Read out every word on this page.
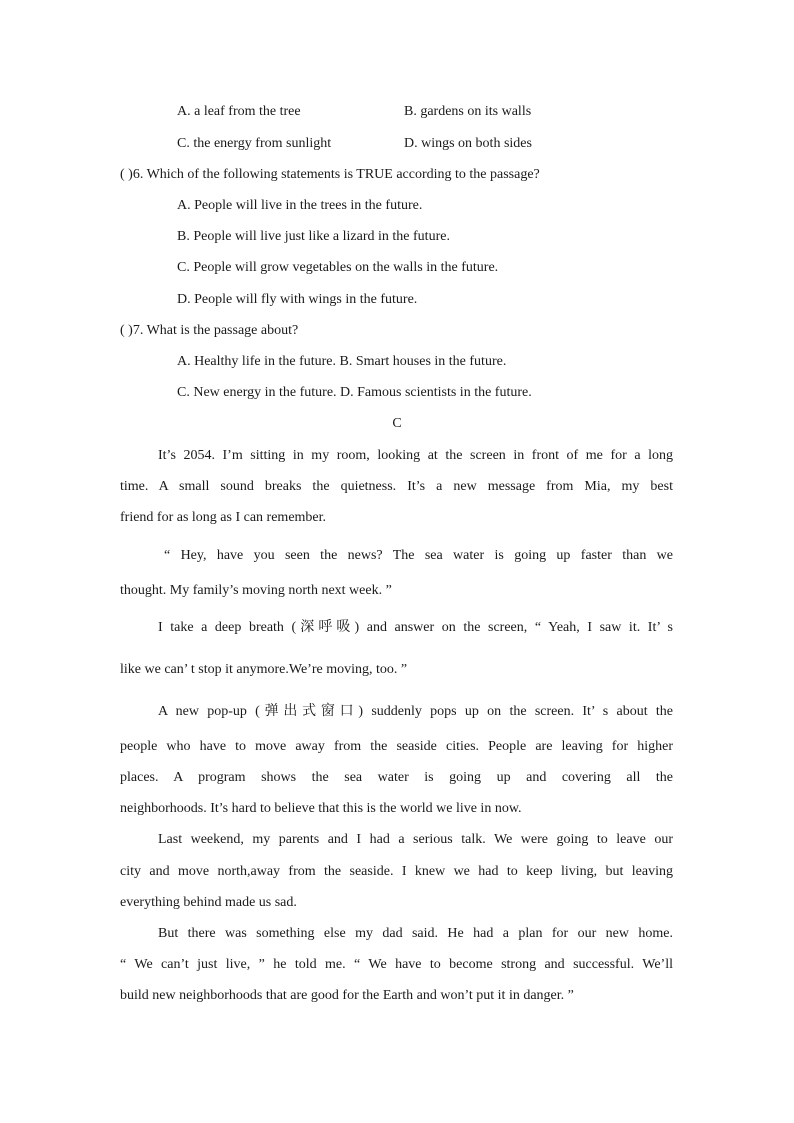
A. a leaf from the tree	B. gardens on its walls
C. the energy from sunlight	D. wings on both sides
( )6. Which of the following statements is TRUE according to the passage?
A. People will live in the trees in the future.
B. People will live just like a lizard in the future.
C. People will grow vegetables on the walls in the future.
D. People will fly with wings in the future.
( )7. What is the passage about?
A. Healthy life in the future. B. Smart houses in the future.
C. New energy in the future. D. Famous scientists in the future.
C
It’s 2054. I’m sitting in my room, looking at the screen in front of me for a long
time. A small sound breaks the quietness. It’s a new message from Mia, my best
friend for as long as I can remember.
“ Hey, have you seen the news? The sea water is going up faster than we
thought. My family’s moving north next week. ”
I take a deep breath (深呼吸) and answer on the screen, “ Yeah, I saw it. It’ s
like we can’ t stop it anymore.We’re moving, too. ”
A new pop-up (弹出式窗口) suddenly pops up on the screen. It’ s about the
people who have to move away from the seaside cities. People are leaving for higher
places. A program shows the sea water is going up and covering all the
neighborhoods. It’s hard to believe that this is the world we live in now.
Last weekend, my parents and I had a serious talk. We were going to leave our
city and move north,away from the seaside. I knew we had to keep living, but leaving
everything behind made us sad.
But there was something else my dad said. He had a plan for our new home.
“ We can’t just live, ” he told me. “ We have to become strong and successful. We’ll
build new neighborhoods that are good for the Earth and won’t put it in danger. ”
